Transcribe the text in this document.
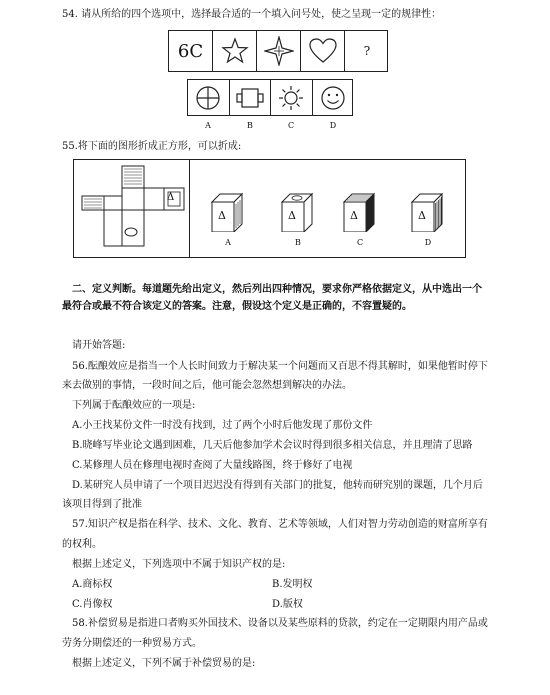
54. 请从所给的四个选项中，选择最合适的一个填入问号处，使之呈现一定的规律性：
6C	?
A	B	C	D
55.将下面的图形折成正方形，可以折成:
Δ
Δ
A
Δ
B
Δ
C
Δ
D
二、定义判断。每道题先给出定义，然后列出四种情况，要求你严格依据定义，从中选出一个
最符合或最不符合该定义的答案。注意，假设这个定义是正确的，不容置疑的。
请开始答题:
56.酝酿效应是指当一个人长时间致力于解决某一个问题而又百思不得其解时，如果他暂时停下
来去做别的事情，一段时间之后，他可能会忽然想到解决的办法。
下列属于酝酿效应的一项是:
A.小王找某份文件一时没有找到，过了两个小时后他发现了那份文件
B.晓峰写毕业论文遇到困难，几天后他参加学术会议时得到很多相关信息，并且理清了思路
C.某修理人员在修理电视时查阅了大量线路图，终于修好了电视
D.某研究人员申请了一个项目迟迟没有得到有关部门的批复，他转而研究别的课题，几个月后
该项目得到了批准
57.知识产权是指在科学、技术、文化、教育、艺术等领域，人们对智力劳动创造的财富所享有
的权利。
根据上述定义，下列选项中不属于知识产权的是:
A.商标权	B.发明权
C.肖像权	D.版权
58.补偿贸易是指进口者购买外国技术、设备以及某些原料的贷款，约定在一定期限内用产品或
劳务分期偿还的一种贸易方式。
根据上述定义，下列不属于补偿贸易的是:
